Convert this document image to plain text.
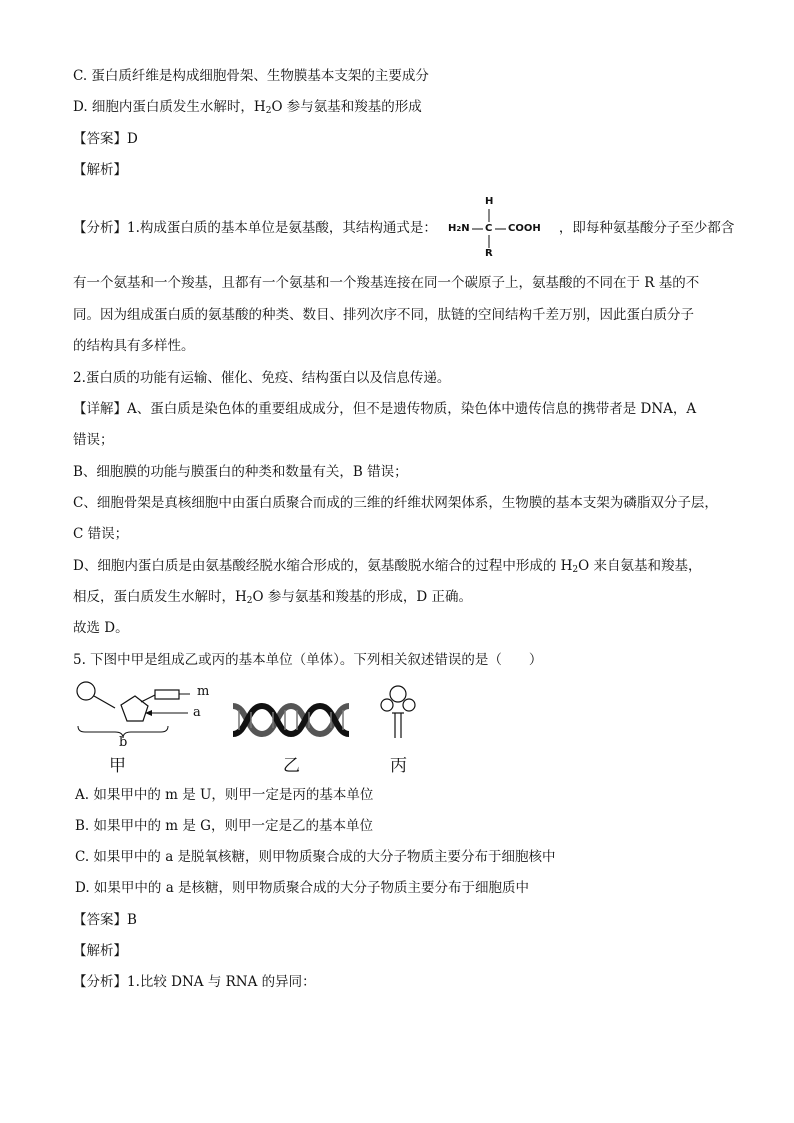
C. 蛋白质纤维是构成细胞骨架、生物膜基本支架的主要成分
D. 细胞内蛋白质发生水解时，$H_2O$ 参与氨基和羧基的形成
【答案】D
【解析】
【分析】1.构成蛋白质的基本单位是氨基酸，其结构通式是：	，即每种氨基酸分子至少都含
H
H2N C COOH
R
有一个氨基和一个羧基，且都有一个氨基和一个羧基连接在同一个碳原子上，氨基酸的不同在于 R 基的不
同。因为组成蛋白质的氨基酸的种类、数目、排列次序不同，肽链的空间结构千差万别，因此蛋白质分子
的结构具有多样性。
2.蛋白质的功能有运输、催化、免疫、结构蛋白以及信息传递。
【详解】A、蛋白质是染色体的重要组成成分，但不是遗传物质，染色体中遗传信息的携带者是 DNA，A
错误；
B、细胞膜的功能与膜蛋白的种类和数量有关，B 错误；
C、细胞骨架是真核细胞中由蛋白质聚合而成的三维的纤维状网架体系，生物膜的基本支架为磷脂双分子层，
C 错误；
D、细胞内蛋白质是由氨基酸经脱水缩合形成的，氨基酸脱水缩合的过程中形成的 $H_2O$ 来自氨基和羧基，
相反，蛋白质发生水解时，$H_2O$ 参与氨基和羧基的形成，D 正确。
故选 D。
5. 下图中甲是组成乙或丙的基本单位（单体）。下列相关叙述错误的是（　　）
m
a
b
甲	乙	丙
A. 如果甲中的 m 是 U，则甲一定是丙的基本单位
B. 如果甲中的 m 是 G，则甲一定是乙的基本单位
C. 如果甲中的 a 是脱氧核糖，则甲物质聚合成的大分子物质主要分布于细胞核中
D. 如果甲中的 a 是核糖，则甲物质聚合成的大分子物质主要分布于细胞质中
【答案】B
【解析】
【分析】1.比较 DNA 与 RNA 的异同：
